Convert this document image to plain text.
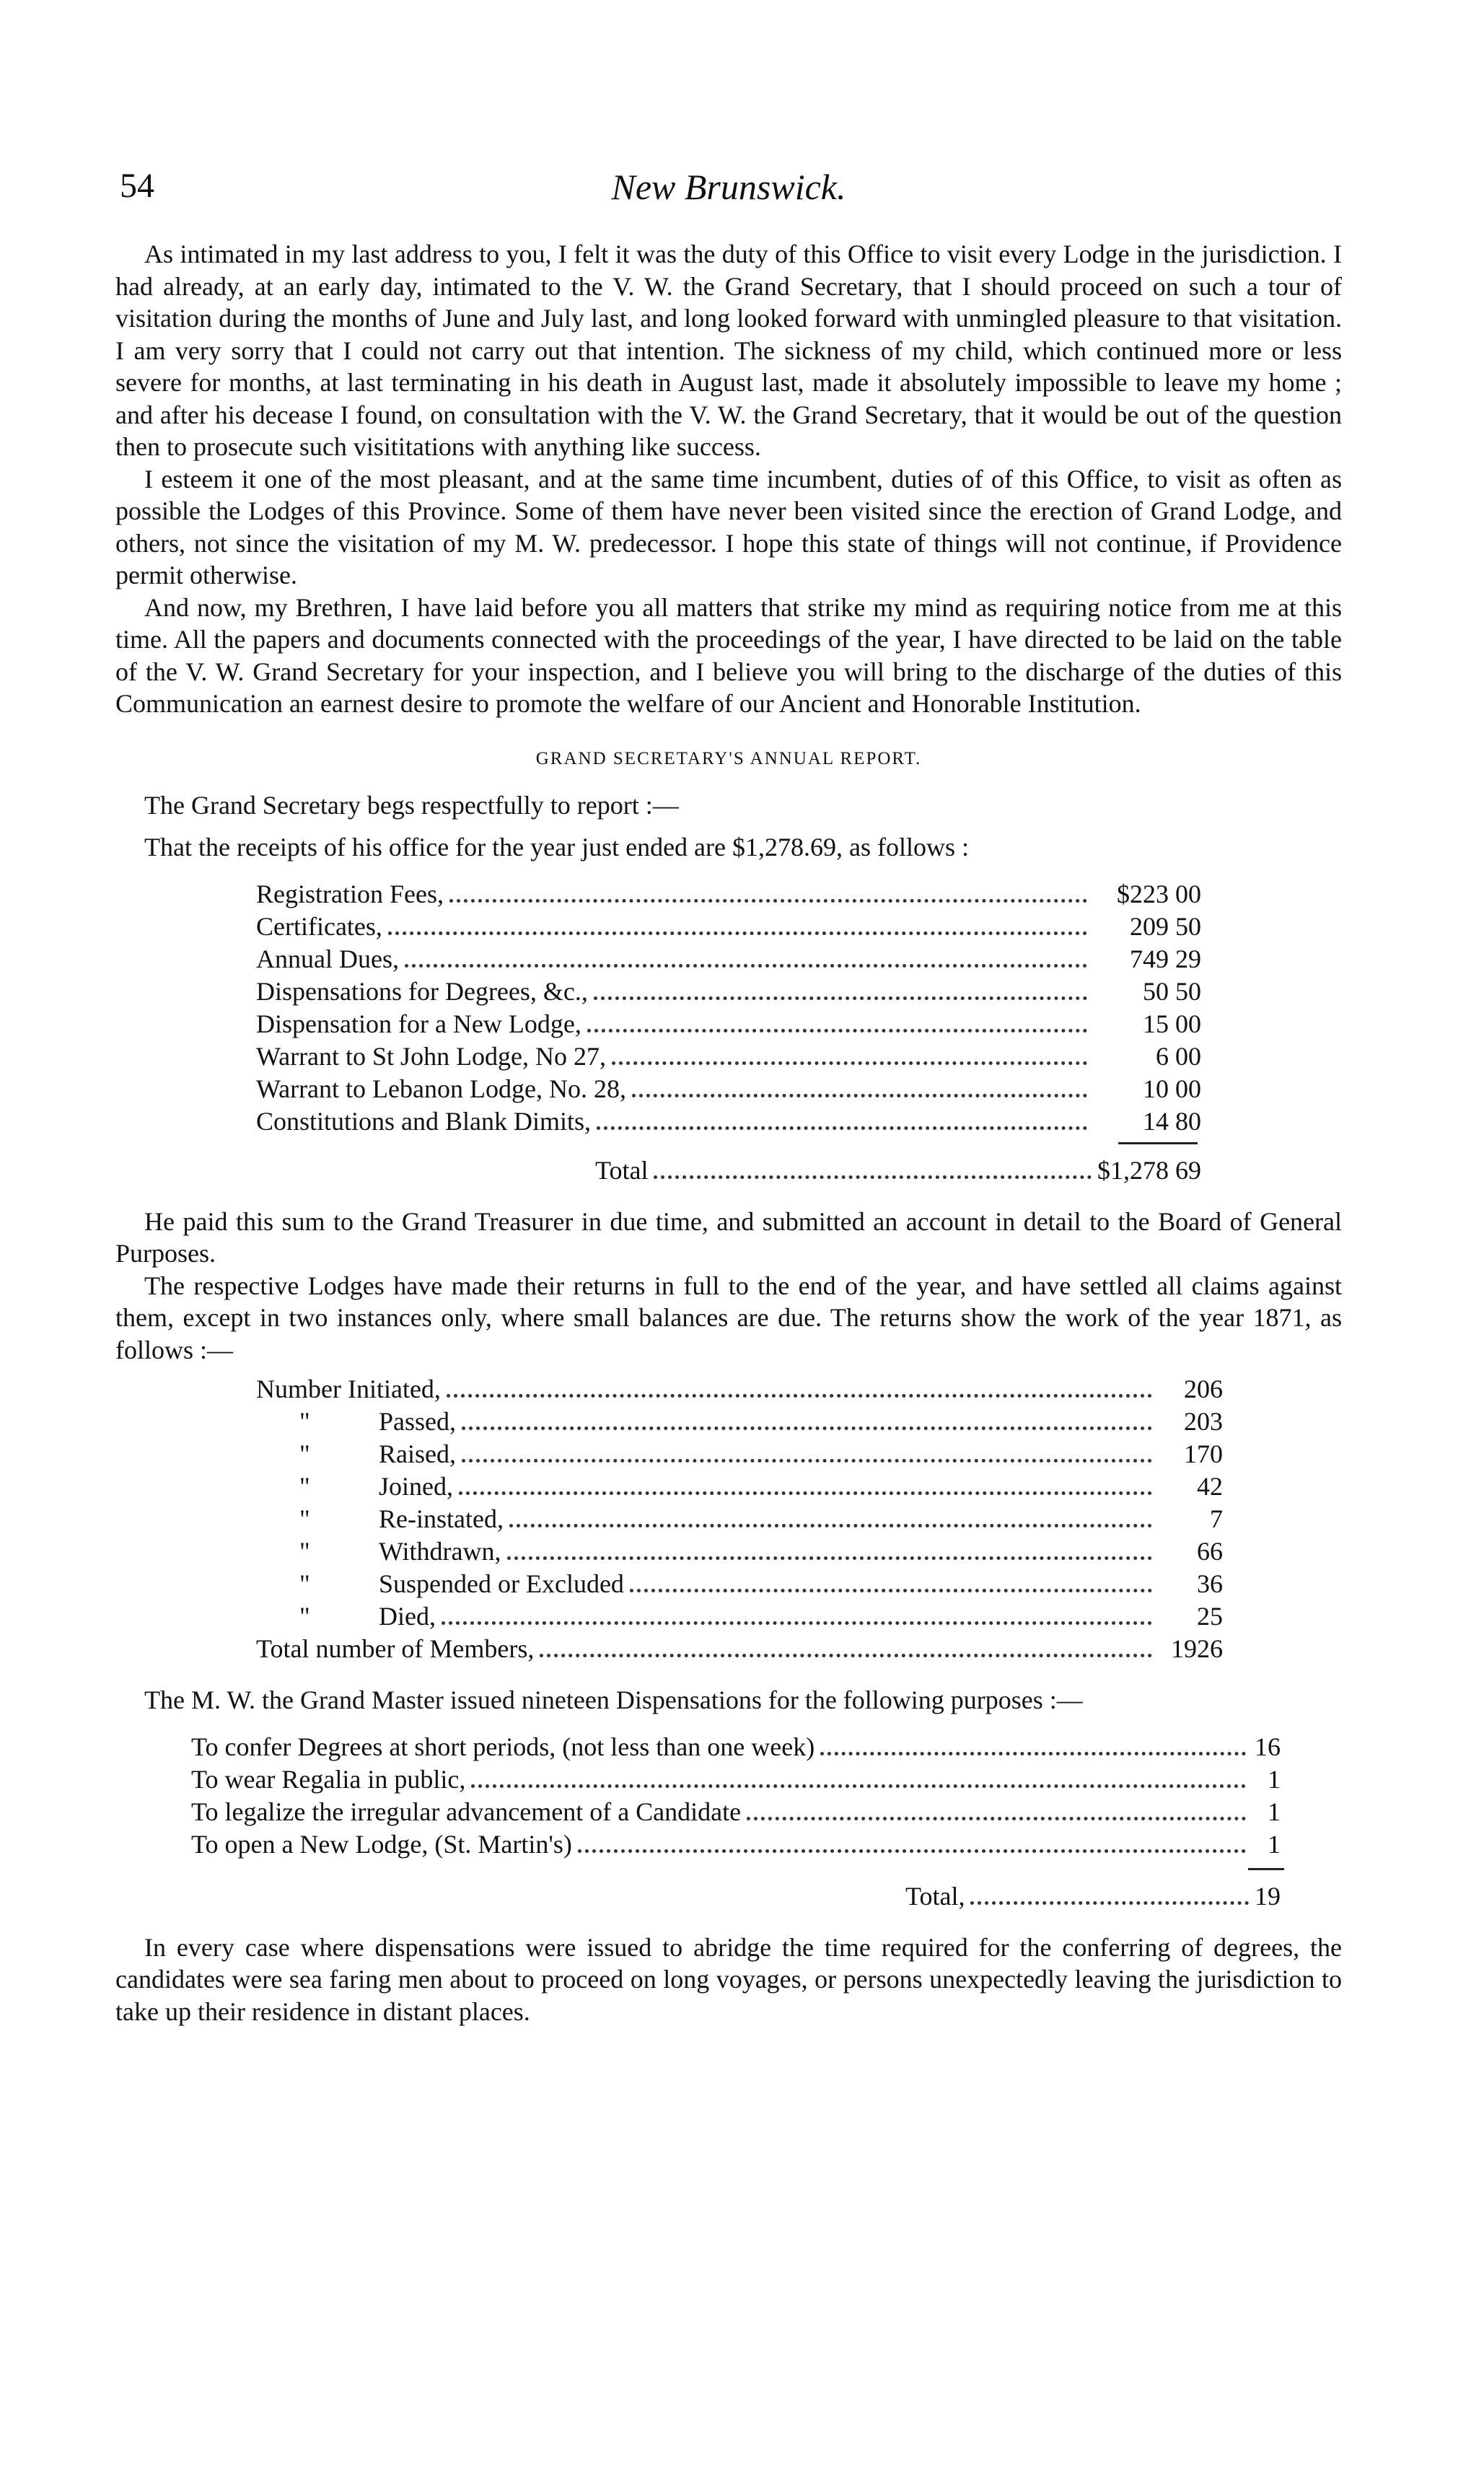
54	New Brunswick.

As intimated in my last address to you, I felt it was the duty of this Office to visit every Lodge in the jurisdiction. I had already, at an early day, intimated to the V. W. the Grand Secretary, that I should proceed on such a tour of visitation during the months of June and July last, and long looked forward with unmingled pleasure to that visitation. I am very sorry that I could not carry out that intention. The sickness of my child, which continued more or less severe for months, at last terminating in his death in August last, made it absolutely impossible to leave my home ; and after his decease I found, on consultation with the V. W. the Grand Secretary, that it would be out of the question then to prosecute such visititations with anything like success.

I esteem it one of the most pleasant, and at the same time incumbent, duties of of this Office, to visit as often as possible the Lodges of this Province. Some of them have never been visited since the erection of Grand Lodge, and others, not since the visitation of my M. W. predecessor. I hope this state of things will not continue, if Providence permit otherwise.

And now, my Brethren, I have laid before you all matters that strike my mind as requiring notice from me at this time. All the papers and documents connected with the proceedings of the year, I have directed to be laid on the table of the V. W. Grand Secretary for your inspection, and I believe you will bring to the discharge of the duties of this Communication an earnest desire to promote the welfare of our Ancient and Honorable Institution.

GRAND SECRETARY'S ANNUAL REPORT.

The Grand Secretary begs respectfully to report :—

That the receipts of his office for the year just ended are $1,278.69, as follows :

Registration Fees,	$223 00
Certificates,	209 50
Annual Dues,	749 29
Dispensations for Degrees, &c.,	50 50
Dispensation for a New Lodge,	15 00
Warrant to St John Lodge, No 27,	6 00
Warrant to Lebanon Lodge, No. 28,	10 00
Constitutions and Blank Dimits,	14 80
Total	$1,278 69

He paid this sum to the Grand Treasurer in due time, and submitted an account in detail to the Board of General Purposes.

The respective Lodges have made their returns in full to the end of the year, and have settled all claims against them, except in two instances only, where small balances are due. The returns show the work of the year 1871, as follows :—

Number Initiated,	206
"	Passed,	203
"	Raised,	170
"	Joined,	42
"	Re-instated,	7
"	Withdrawn,	66
"	Suspended or Excluded	36
"	Died,	25
Total number of Members,	1926

The M. W. the Grand Master issued nineteen Dispensations for the following purposes :—

To confer Degrees at short periods, (not less than one week)	16
To wear Regalia in public,	1
To legalize the irregular advancement of a Candidate	1
To open a New Lodge, (St. Martin's)	1
Total,	19

In every case where dispensations were issued to abridge the time required for the conferring of degrees, the candidates were sea faring men about to proceed on long voyages, or persons unexpectedly leaving the jurisdiction to take up their residence in distant places.
